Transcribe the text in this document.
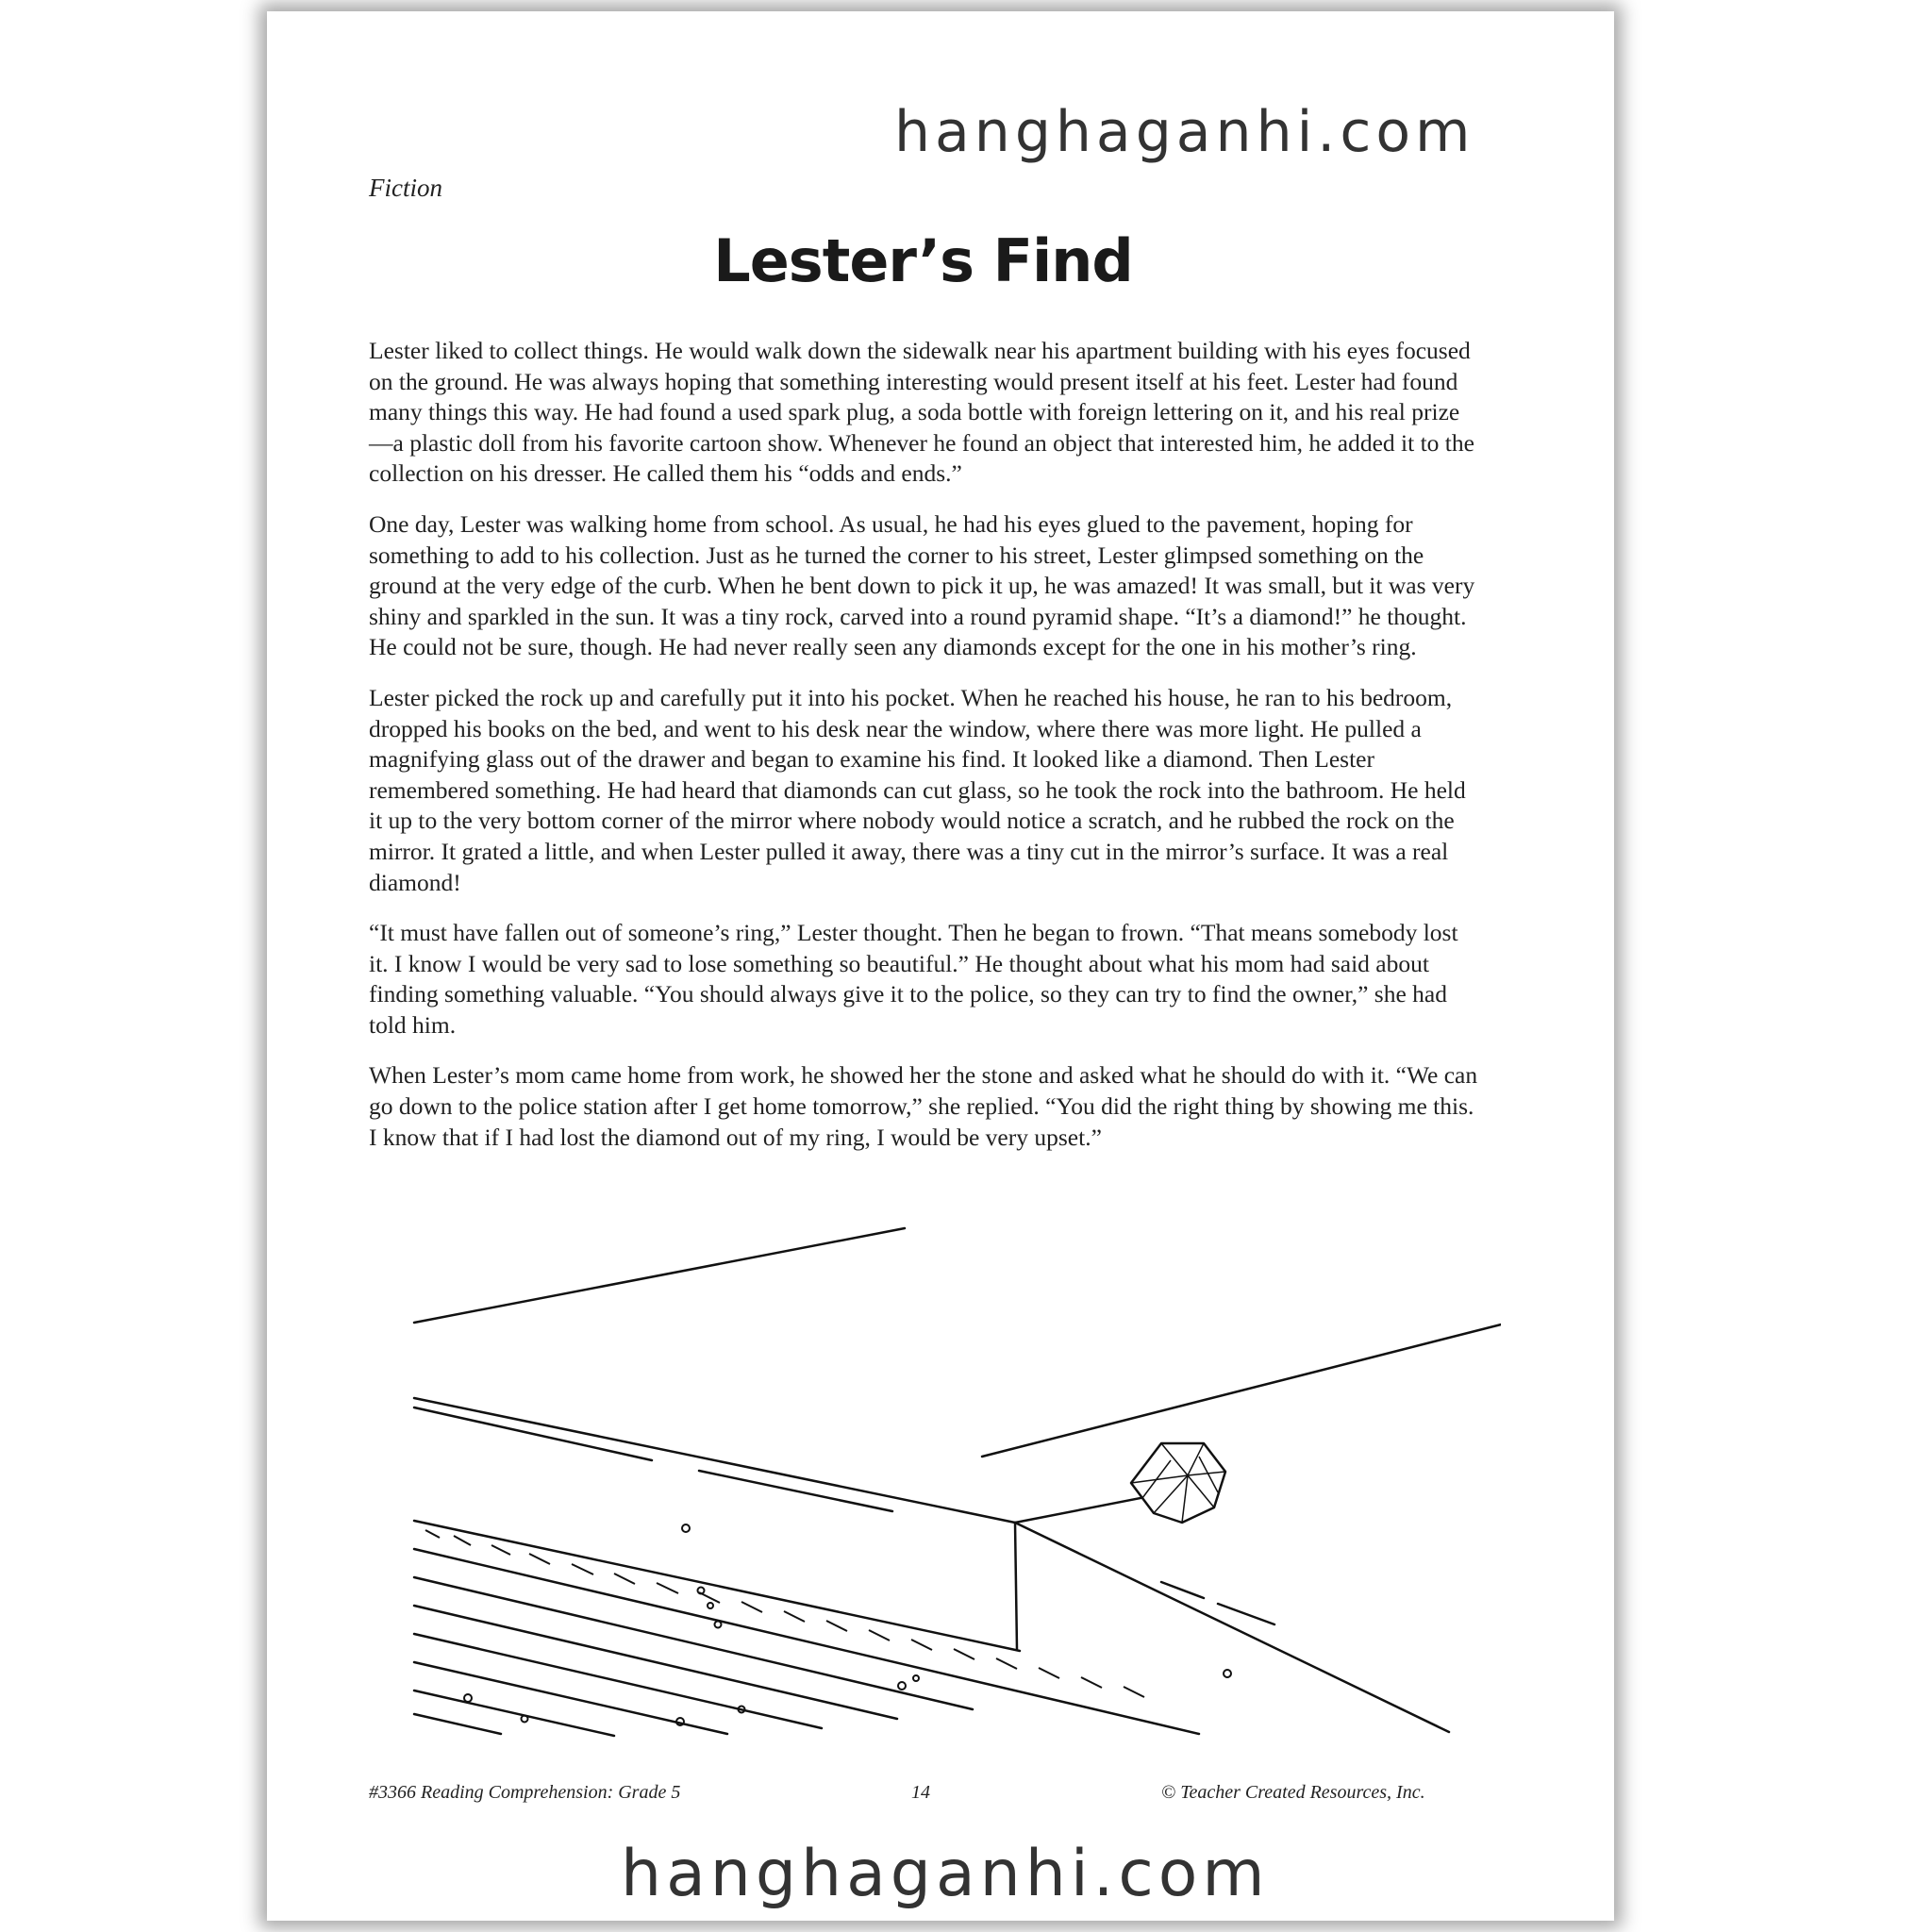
hanghaganhi.com
Fiction
Lester’s Find

Lester liked to collect things. He would walk down the sidewalk near his apartment building with his eyes focused on the ground. He was always hoping that something interesting would present itself at his feet. Lester had found many things this way. He had found a used spark plug, a soda bottle with foreign lettering on it, and his real prize—a plastic doll from his favorite cartoon show. Whenever he found an object that interested him, he added it to the collection on his dresser. He called them his “odds and ends.”

One day, Lester was walking home from school. As usual, he had his eyes glued to the pavement, hoping for something to add to his collection. Just as he turned the corner to his street, Lester glimpsed something on the ground at the very edge of the curb. When he bent down to pick it up, he was amazed! It was small, but it was very shiny and sparkled in the sun. It was a tiny rock, carved into a round pyramid shape. “It’s a diamond!” he thought. He could not be sure, though. He had never really seen any diamonds except for the one in his mother’s ring.

Lester picked the rock up and carefully put it into his pocket. When he reached his house, he ran to his bedroom, dropped his books on the bed, and went to his desk near the window, where there was more light. He pulled a magnifying glass out of the drawer and began to examine his find. It looked like a diamond. Then Lester remembered something. He had heard that diamonds can cut glass, so he took the rock into the bathroom. He held it up to the very bottom corner of the mirror where nobody would notice a scratch, and he rubbed the rock on the mirror. It grated a little, and when Lester pulled it away, there was a tiny cut in the mirror’s surface. It was a real diamond!

“It must have fallen out of someone’s ring,” Lester thought. Then he began to frown. “That means somebody lost it. I know I would be very sad to lose something so beautiful.” He thought about what his mom had said about finding something valuable. “You should always give it to the police, so they can try to find the owner,” she had told him.

When Lester’s mom came home from work, he showed her the stone and asked what he should do with it. “We can go down to the police station after I get home tomorrow,” she replied. “You did the right thing by showing me this. I know that if I had lost the diamond out of my ring, I would be very upset.”

#3366 Reading Comprehension: Grade 5	14	© Teacher Created Resources, Inc.
hanghaganhi.com
